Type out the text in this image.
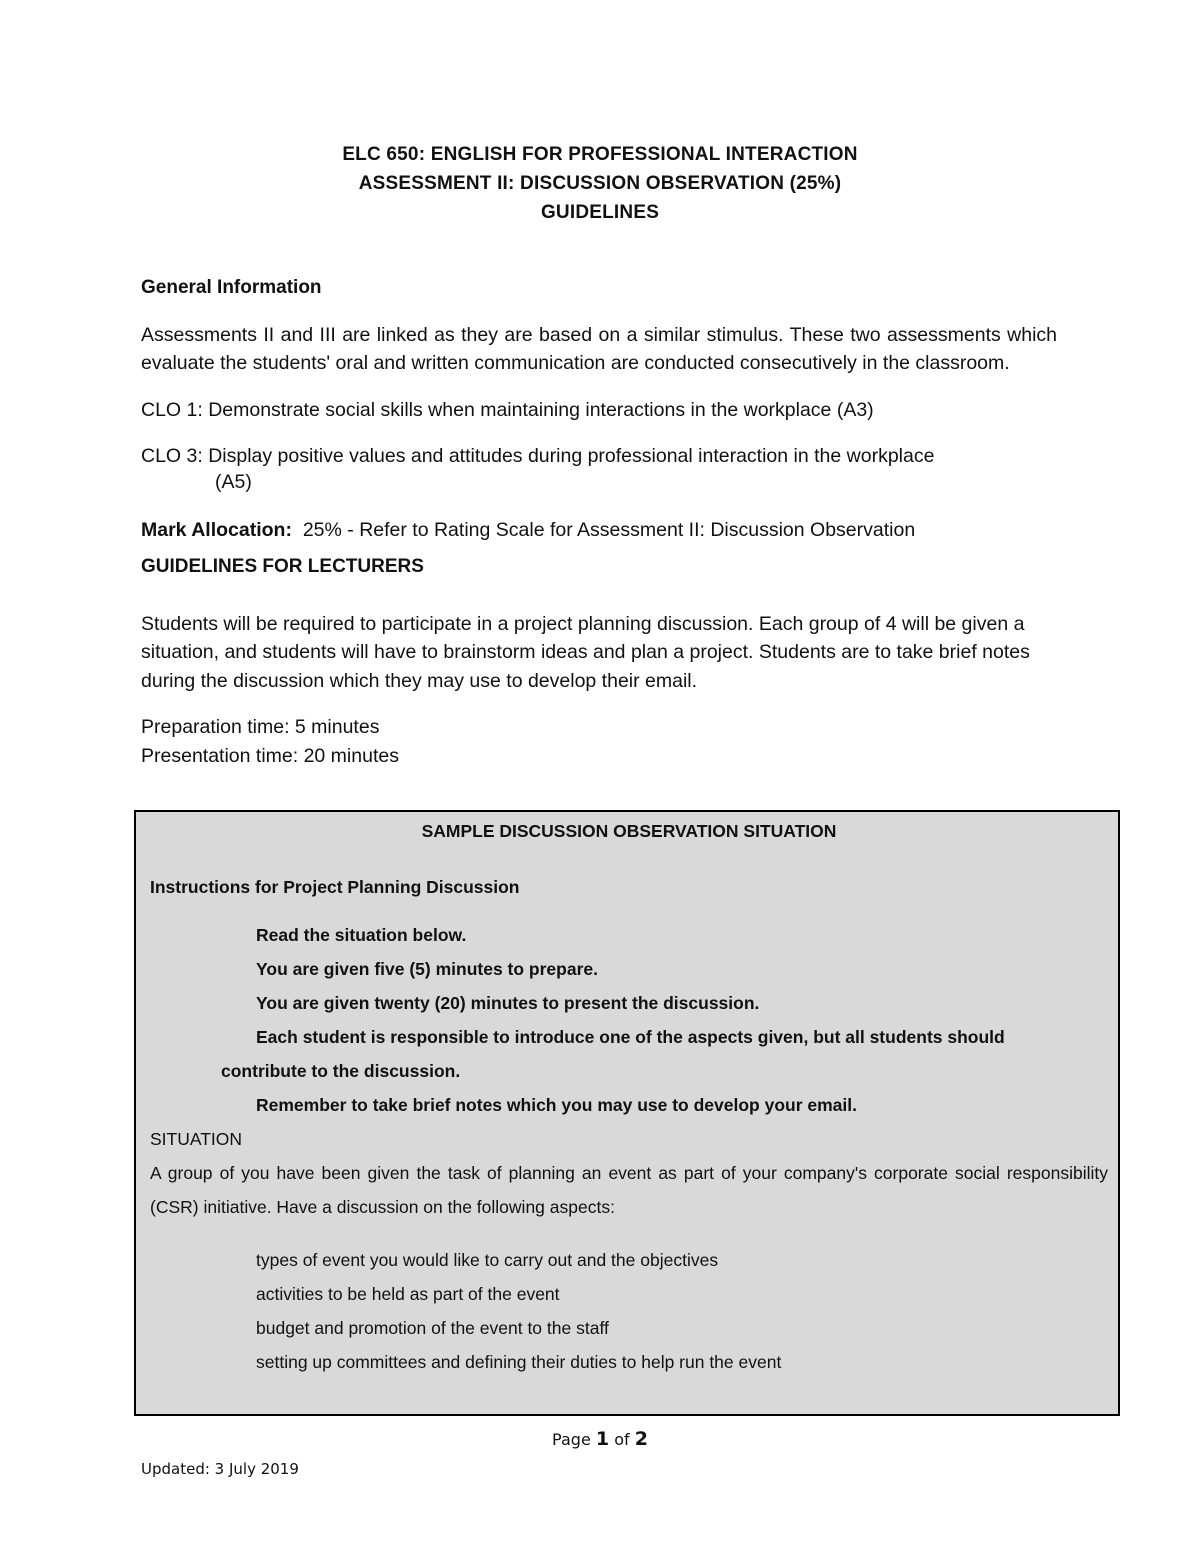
ELC 650: ENGLISH FOR PROFESSIONAL INTERACTION
ASSESSMENT II: DISCUSSION OBSERVATION (25%)
GUIDELINES

General Information

Assessments II and III are linked as they are based on a similar stimulus. These two assessments which evaluate the students' oral and written communication are conducted consecutively in the classroom.

CLO 1: Demonstrate social skills when maintaining interactions in the workplace (A3)

CLO 3: Display positive values and attitudes during professional interaction in the workplace

(A5)

Mark Allocation: 25% - Refer to Rating Scale for Assessment II: Discussion Observation

GUIDELINES FOR LECTURERS

Students will be required to participate in a project planning discussion. Each group of 4 will be given a situation, and students will have to brainstorm ideas and plan a project. Students are to take brief notes during the discussion which they may use to develop their email.

Preparation time: 5 minutes

Presentation time: 20 minutes

SAMPLE DISCUSSION OBSERVATION SITUATION

Instructions for Project Planning Discussion

Read the situation below.
You are given five (5) minutes to prepare.
You are given twenty (20) minutes to present the discussion.
Each student is responsible to introduce one of the aspects given, but all students should
contribute to the discussion.
Remember to take brief notes which you may use to develop your email.

SITUATION

A group of you have been given the task of planning an event as part of your company's corporate social responsibility (CSR) initiative. Have a discussion on the following aspects:

types of event you would like to carry out and the objectives
activities to be held as part of the event
budget and promotion of the event to the staff
setting up committees and defining their duties to help run the event
Page 1 of 2
Updated: 3 July 2019
